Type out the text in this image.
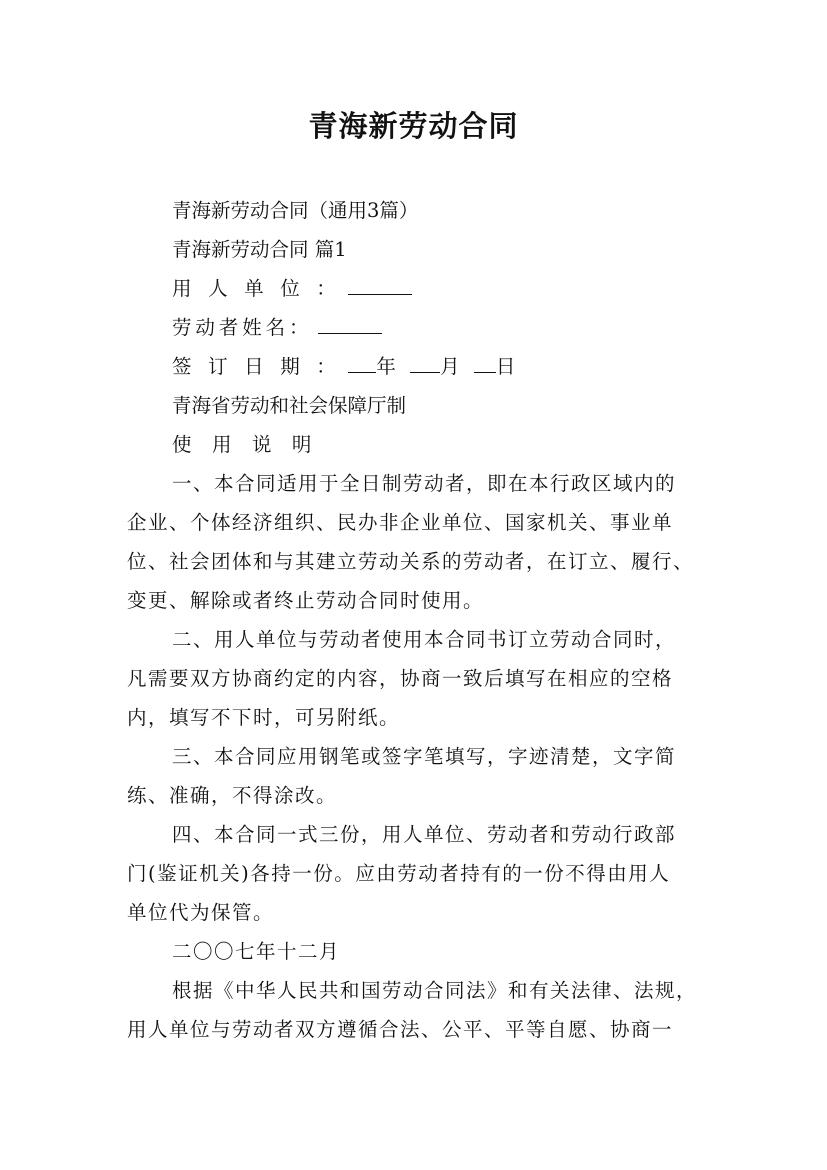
青海新劳动合同
青海新劳动合同（通用3篇）
青海新劳动合同 篇1
用人单位：
劳动者姓名：
签订日期： 年 月 日
青海省劳动和社会保障厅制
使用说明
一、本合同适用于全日制劳动者，即在本行政区域内的
企业、个体经济组织、民办非企业单位、国家机关、事业单
位、社会团体和与其建立劳动关系的劳动者，在订立、履行、
变更、解除或者终止劳动合同时使用。
二、用人单位与劳动者使用本合同书订立劳动合同时，
凡需要双方协商约定的内容，协商一致后填写在相应的空格
内，填写不下时，可另附纸。
三、本合同应用钢笔或签字笔填写，字迹清楚，文字简
练、准确，不得涂改。
四、本合同一式三份，用人单位、劳动者和劳动行政部
门(鉴证机关)各持一份。应由劳动者持有的一份不得由用人
单位代为保管。
二〇〇七年十二月
根据《中华人民共和国劳动合同法》和有关法律、法规，
用人单位与劳动者双方遵循合法、公平、平等自愿、协商一
